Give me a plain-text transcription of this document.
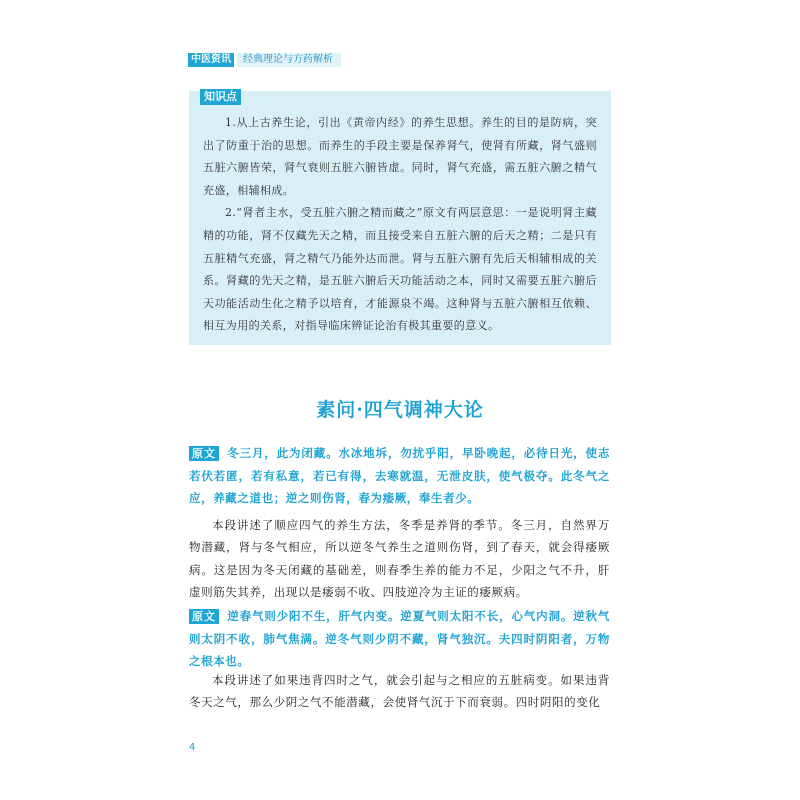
中医资讯	经典理论与方药解析

1.从上古养生论，引出《黄帝内经》的养生思想。养生的目的是防病，突出了防重于治的思想。而养生的手段主要是保养肾气，使肾有所藏，肾气盛则五脏六腑皆荣，肾气衰则五脏六腑皆虚。同时，肾气充盛，需五脏六腑之精气充盛，相辅相成。

2.“肾者主水，受五脏六腑之精而藏之”原文有两层意思：一是说明肾主藏精的功能，肾不仅藏先天之精，而且接受来自五脏六腑的后天之精；二是只有五脏精气充盛，肾之精气乃能外达而泄。肾与五脏六腑有先后天相辅相成的关系。肾藏的先天之精，是五脏六腑后天功能活动之本，同时又需要五脏六腑后天功能活动生化之精予以培育，才能源泉不竭。这种肾与五脏六腑相互依赖、相互为用的关系，对指导临床辨证论治有极其重要的意义。

知识点
素问·四气调神大论

原文 冬三月，此为闭藏。水冰地坼，勿扰乎阳，早卧晚起，必待日光，使志若伏若匿，若有私意，若已有得，去寒就温，无泄皮肤，使气极夺。此冬气之应，养藏之道也；逆之则伤肾，春为痿厥，奉生者少。

本段讲述了顺应四气的养生方法，冬季是养肾的季节。冬三月，自然界万物潜藏，肾与冬气相应，所以逆冬气养生之道则伤肾，到了春天，就会得痿厥病。这是因为冬天闭藏的基础差，则春季生养的能力不足，少阳之气不升，肝虚则筋失其养，出现以是痿弱不收、四肢逆冷为主证的痿厥病。

原文 逆春气则少阳不生，肝气内变。逆夏气则太阳不长，心气内洞。逆秋气则太阴不收，肺气焦满。逆冬气则少阴不藏，肾气独沉。夫四时阴阳者，万物之根本也。

本段讲述了如果违背四时之气，就会引起与之相应的五脏病变。如果违背冬天之气，那么少阴之气不能潜藏，会使肾气沉于下而衰弱。四时阴阳的变化

4
